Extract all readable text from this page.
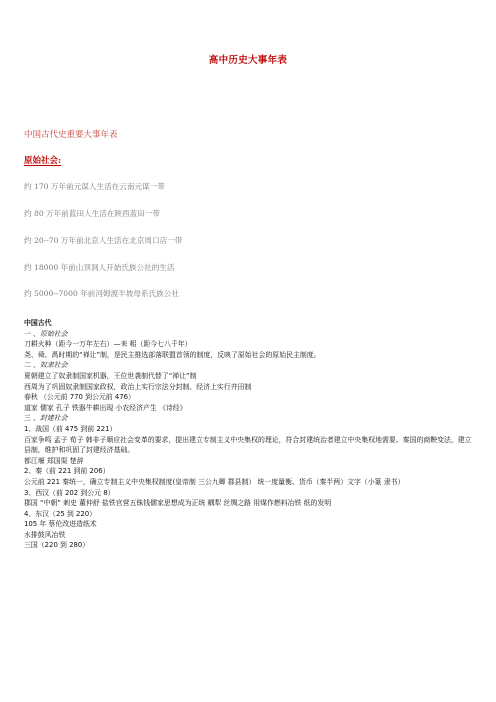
高中历史大事年表
中国古代史重要大事年表
原始社会:
约 170 万年前元谋人生活在云南元谋一带
约 80 万年前蓝田人生活在陕西蓝田一带
约 20--70 万年前北京人生活在北京周口店一带
约 18000 年前山顶洞人开始氏族公社的生活
约 5000--7000 年前河姆渡半坡母系氏族公社
中国古代
一 、原始社会
刀耕火种（距今一万年左右）—耒 耜（距今七八千年）
尧、舜、禹时期的“禅让”制，是民主推选部落联盟首领的制度，反映了原始社会的原始民主制度。
二 、奴隶社会
夏朝建立了奴隶制国家机器，王位世袭制代替了“禅让”制
西周为了巩固奴隶制国家政权，政治上实行宗法分封制、经济上实行井田制
春秋 （公元前 770 到公元前 476）
道家 儒家 孔子 铁器牛耕出现 小农经济产生 《诗经》
三 、封建社会
1、战国（前 475 到前 221）
百家争鸣 孟子 荀子 韩非子顺应社会变革的要求，提出建立专制主义中央集权的理论，符合封建统治者建立中央集权地需要。秦国的商鞅变法，建立县制，维护和巩固了封建经济基础。
都江堰 郑国渠 楚辞
2、秦（前 221 到前 206）
公元前 221 秦统一，确立专制主义中央集权制度(皇帝制 三公九卿 郡县制） 统一度量衡、货币（秦半两）文字（小篆 隶书）
3、西汉（前 202 到公元 8）
郡国 “中朝” 刺史 董仲舒 盐铁官营五铢钱儒家思想成为正统 耦犁 丝绸之路 用煤作燃料冶铁 纸的发明
4、东汉（25 到 220）
105 年 蔡伦改进造纸术
水排鼓风冶铁
三国（220 到 280）
